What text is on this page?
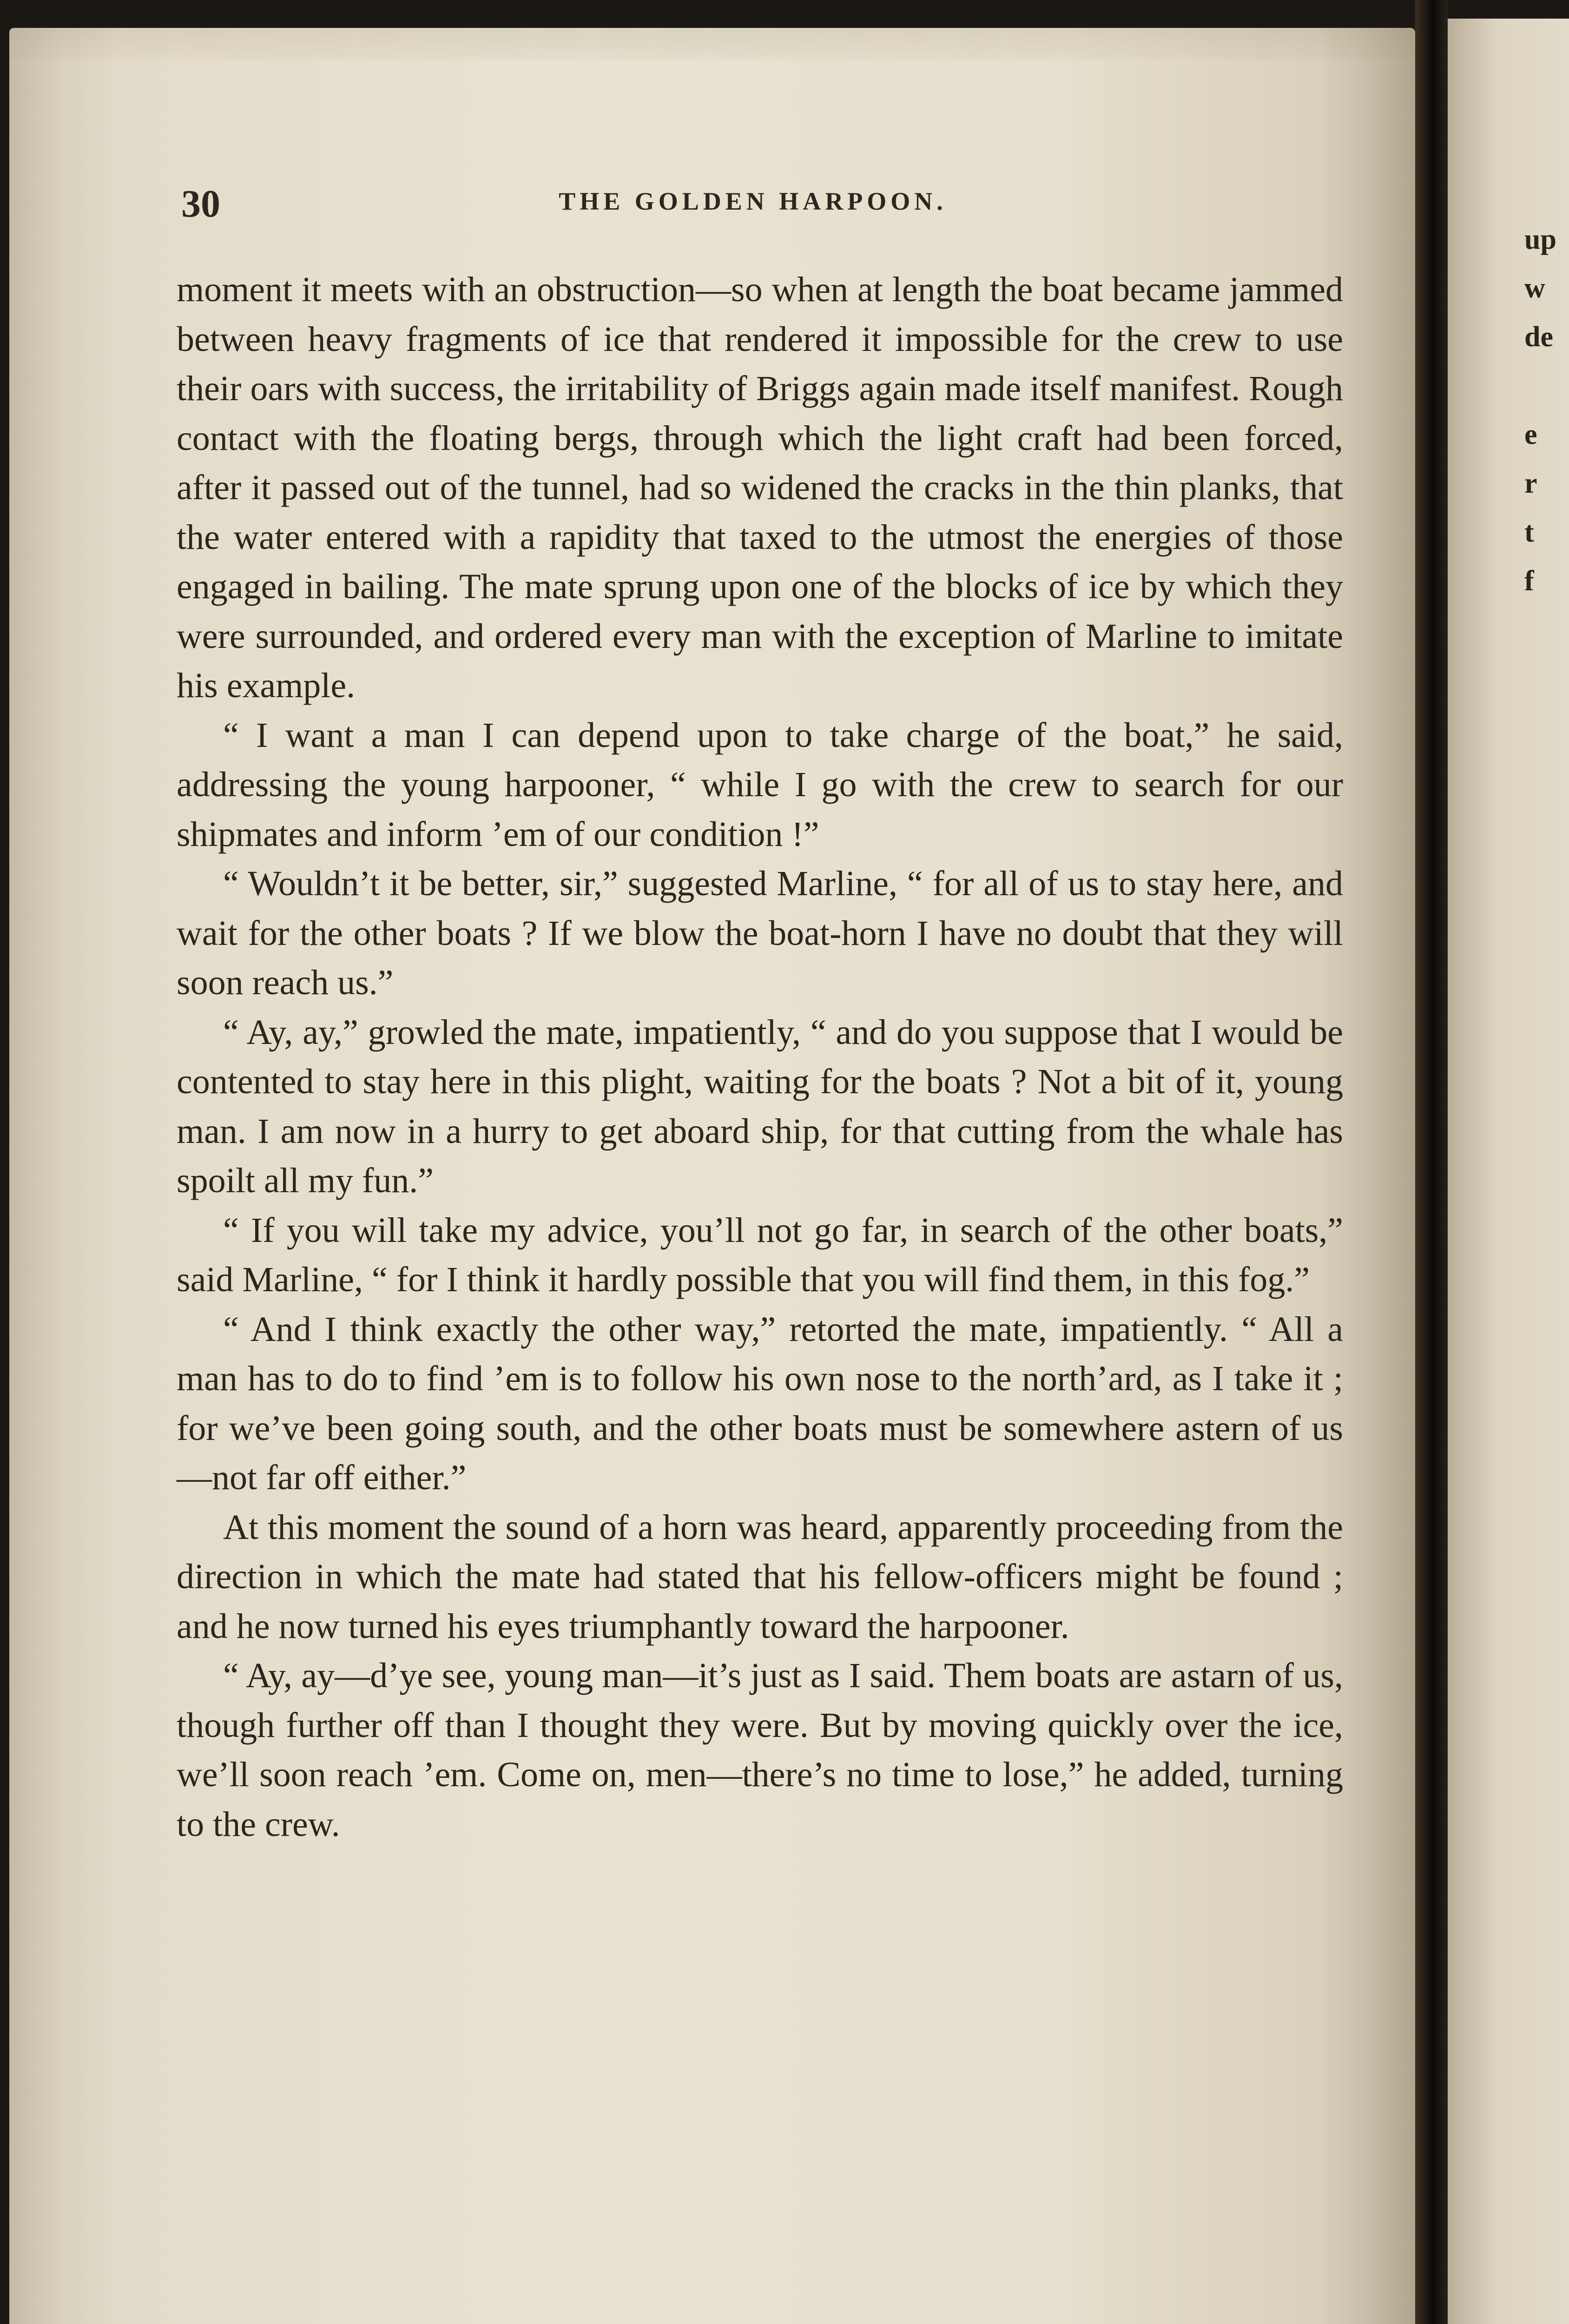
up

w

de

e

r

t

f

30	THE GOLDEN HARPOON.

moment it meets with an obstruction—so when at length the boat became jammed between heavy fragments of ice that rendered it impossible for the crew to use their oars with success, the irritability of Briggs again made itself manifest. Rough contact with the floating bergs, through which the light craft had been forced, after it passed out of the tunnel, had so widened the cracks in the thin planks, that the water entered with a rapidity that taxed to the utmost the energies of those engaged in bailing. The mate sprung upon one of the blocks of ice by which they were surrounded, and ordered every man with the exception of Marline to imitate his example.

“ I want a man I can depend upon to take charge of the boat,” he said, addressing the young harpooner, “ while I go with the crew to search for our shipmates and inform ’em of our condition !”

“ Wouldn’t it be better, sir,” suggested Marline, “ for all of us to stay here, and wait for the other boats ? If we blow the boat-horn I have no doubt that they will soon reach us.”

“ Ay, ay,” growled the mate, impatiently, “ and do you suppose that I would be contented to stay here in this plight, waiting for the boats ? Not a bit of it, young man. I am now in a hurry to get aboard ship, for that cutting from the whale has spoilt all my fun.”

“ If you will take my advice, you’ll not go far, in search of the other boats,” said Marline, “ for I think it hardly possible that you will find them, in this fog.”

“ And I think exactly the other way,” retorted the mate, impatiently. “ All a man has to do to find ’em is to follow his own nose to the north’ard, as I take it ; for we’ve been going south, and the other boats must be somewhere astern of us—not far off either.”

At this moment the sound of a horn was heard, apparently proceeding from the direction in which the mate had stated that his fellow-officers might be found ; and he now turned his eyes triumphantly toward the harpooner.

“ Ay, ay—d’ye see, young man—it’s just as I said. Them boats are astarn of us, though further off than I thought they were. But by moving quickly over the ice, we’ll soon reach ’em. Come on, men—there’s no time to lose,” he added, turning to the crew.
